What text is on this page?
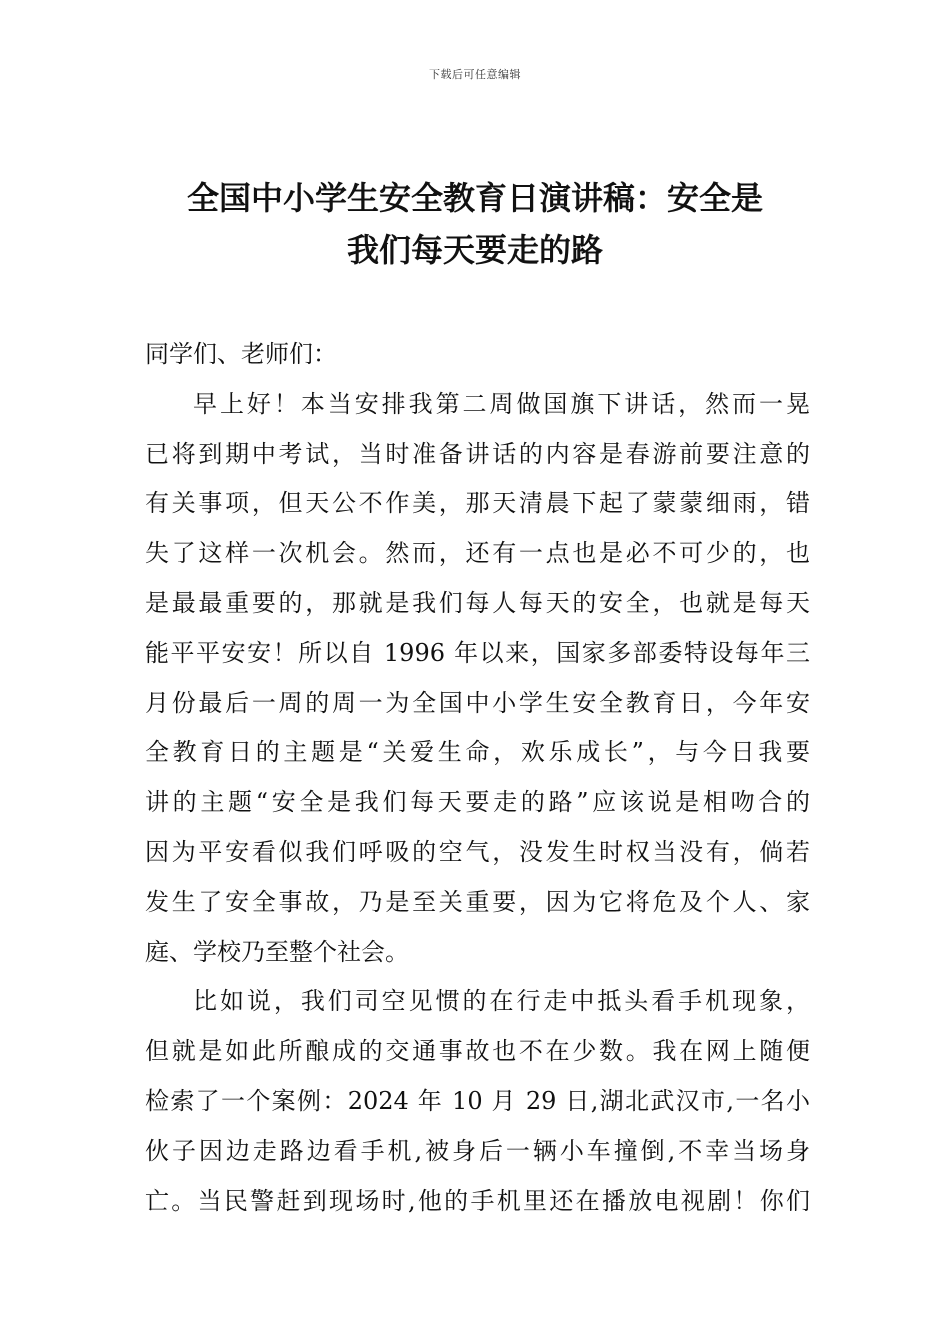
下载后可任意编辑
全国中小学生安全教育日演讲稿：安全是
我们每天要走的路
同学们、老师们：
早上好！本当安排我第二周做国旗下讲话，然而一晃
已将到期中考试，当时准备讲话的内容是春游前要注意的
有关事项，但天公不作美，那天清晨下起了蒙蒙细雨，错
失了这样一次机会。然而，还有一点也是必不可少的，也
是最最重要的，那就是我们每人每天的安全，也就是每天
能平平安安！所以自 1996 年以来，国家多部委特设每年三
月份最后一周的周一为全国中小学生安全教育日，今年安
全教育日的主题是“关爱生命，欢乐成长”，与今日我要
讲的主题“安全是我们每天要走的路”应该说是相吻合的
因为平安看似我们呼吸的空气，没发生时权当没有，倘若
发生了安全事故，乃是至关重要，因为它将危及个人、家
庭、学校乃至整个社会。
比如说，我们司空见惯的在行走中抵头看手机现象，
但就是如此所酿成的交通事故也不在少数。我在网上随便
检索了一个案例：2024 年 10 月 29 日,湖北武汉市,一名小
伙子因边走路边看手机,被身后一辆小车撞倒,不幸当场身
亡。当民警赶到现场时,他的手机里还在播放电视剧！你们
